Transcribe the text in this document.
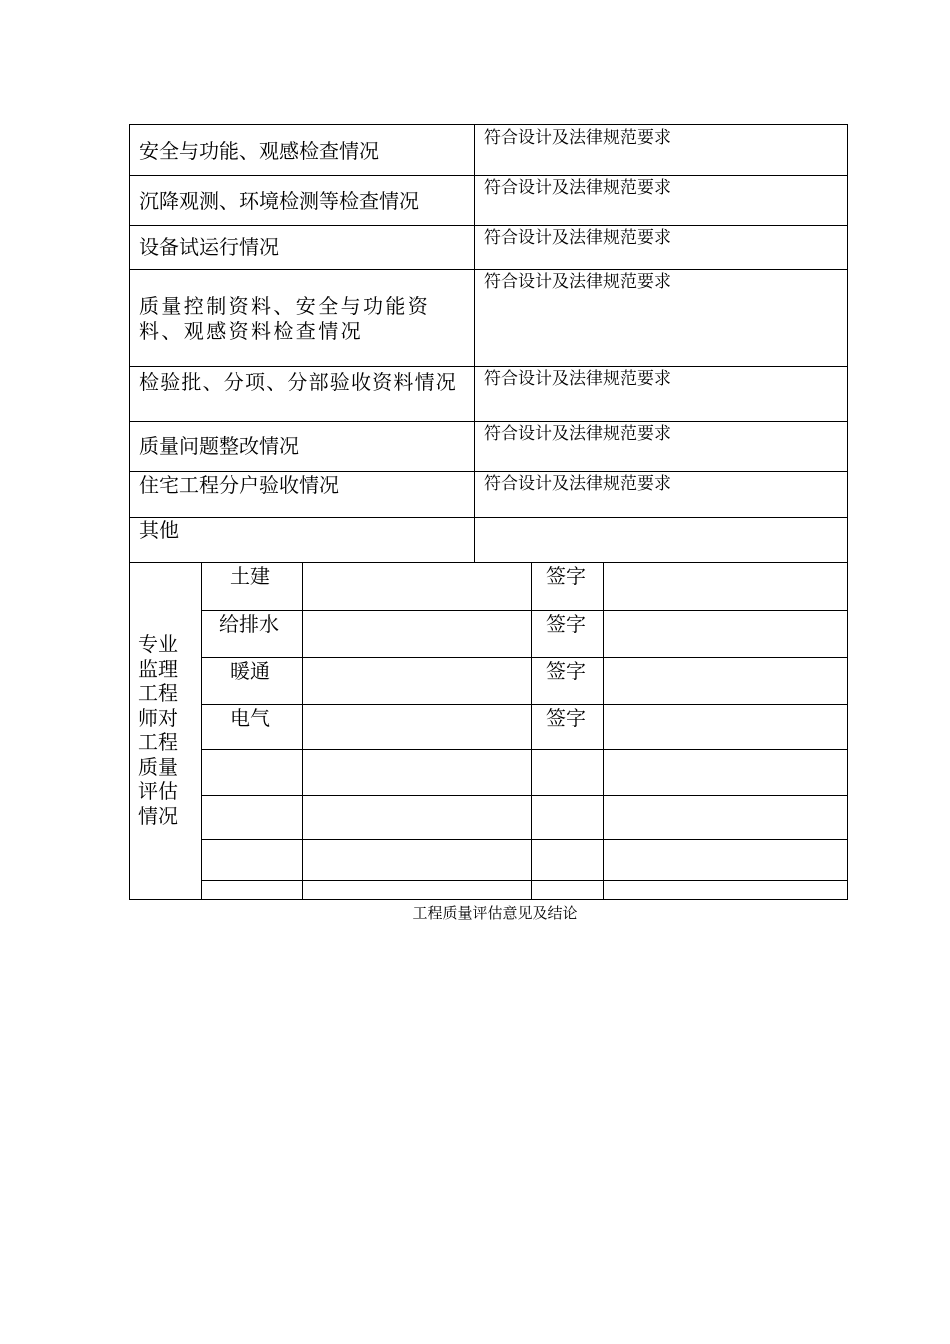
安全与功能、观感检查情况
沉降观测、环境检测等检查情况
设备试运行情况
质量控制资料、安全与功能资料、观感资料检查情况
检验批、分项、分部验收资料情况
质量问题整改情况
住宅工程分户验收情况
其他
符合设计及法律规范要求
符合设计及法律规范要求
符合设计及法律规范要求
符合设计及法律规范要求
符合设计及法律规范要求
符合设计及法律规范要求
符合设计及法律规范要求
专业监理工程师对工程质量评估情况
土建
给排水
暖通
电气
签字
签字
签字
签字
工程质量评估意见及结论
